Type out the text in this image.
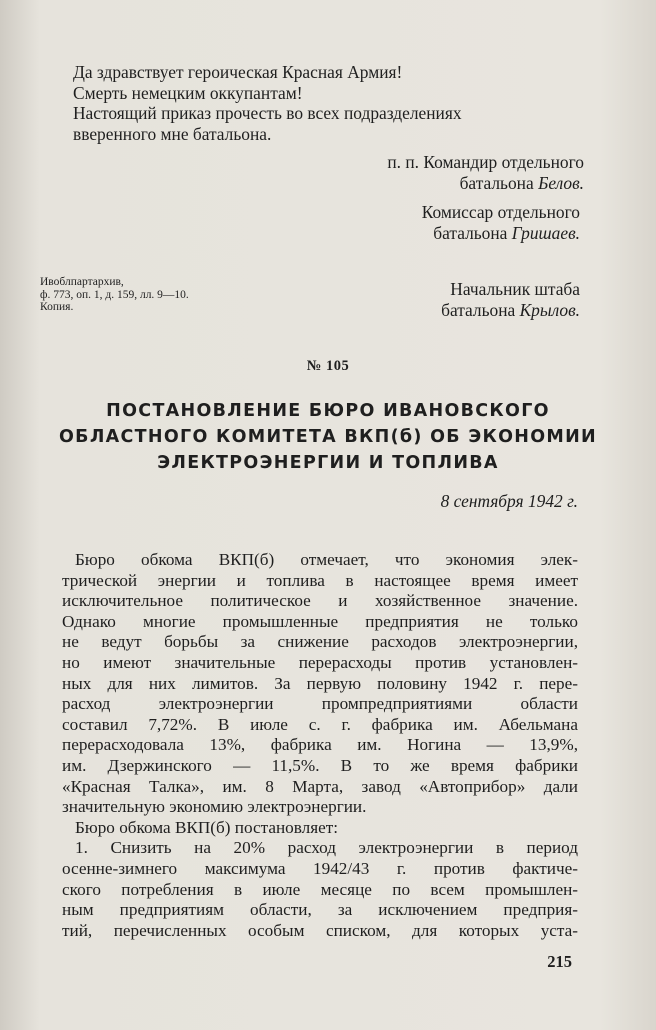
Да здравствует героическая Красная Армия!
Смерть немецким оккупантам!
Настоящий приказ прочесть во всех подразделениях
вверенного мне батальона.
п. п. Командир отдельного
батальона Белов.
Комиссар отдельного
батальона Гришаев.
Ивоблпартархив,
ф. 773, оп. 1, д. 159, лл. 9—10.
Копия.
Начальник штаба
батальона Крылов.
№ 105
ПОСТАНОВЛЕНИЕ БЮРО ИВАНОВСКОГО
ОБЛАСТНОГО КОМИТЕТА ВКП(б) ОБ ЭКОНОМИИ
ЭЛЕКТРОЭНЕРГИИ И ТОПЛИВА
8 сентября 1942 г.
Бюро обкома ВКП(б) отмечает, что экономия элек-
трической энергии и топлива в настоящее время имеет
исключительное политическое и хозяйственное значение.
Однако многие промышленные предприятия не только
не ведут борьбы за снижение расходов электроэнергии,
но имеют значительные перерасходы против установлен-
ных для них лимитов. За первую половину 1942 г. пере-
расход электроэнергии промпредприятиями области
составил 7,72%. В июле с. г. фабрика им. Абельмана
перерасходовала 13%, фабрика им. Ногина — 13,9%,
им. Дзержинского — 11,5%. В то же время фабрики
«Красная Талка», им. 8 Марта, завод «Автоприбор» дали
значительную экономию электроэнергии.
Бюро обкома ВКП(б) постановляет:
1. Снизить на 20% расход электроэнергии в период
осенне-зимнего максимума 1942/43 г. против фактиче-
ского потребления в июле месяце по всем промышлен-
ным предприятиям области, за исключением предприя-
тий, перечисленных особым списком, для которых уста-
215
